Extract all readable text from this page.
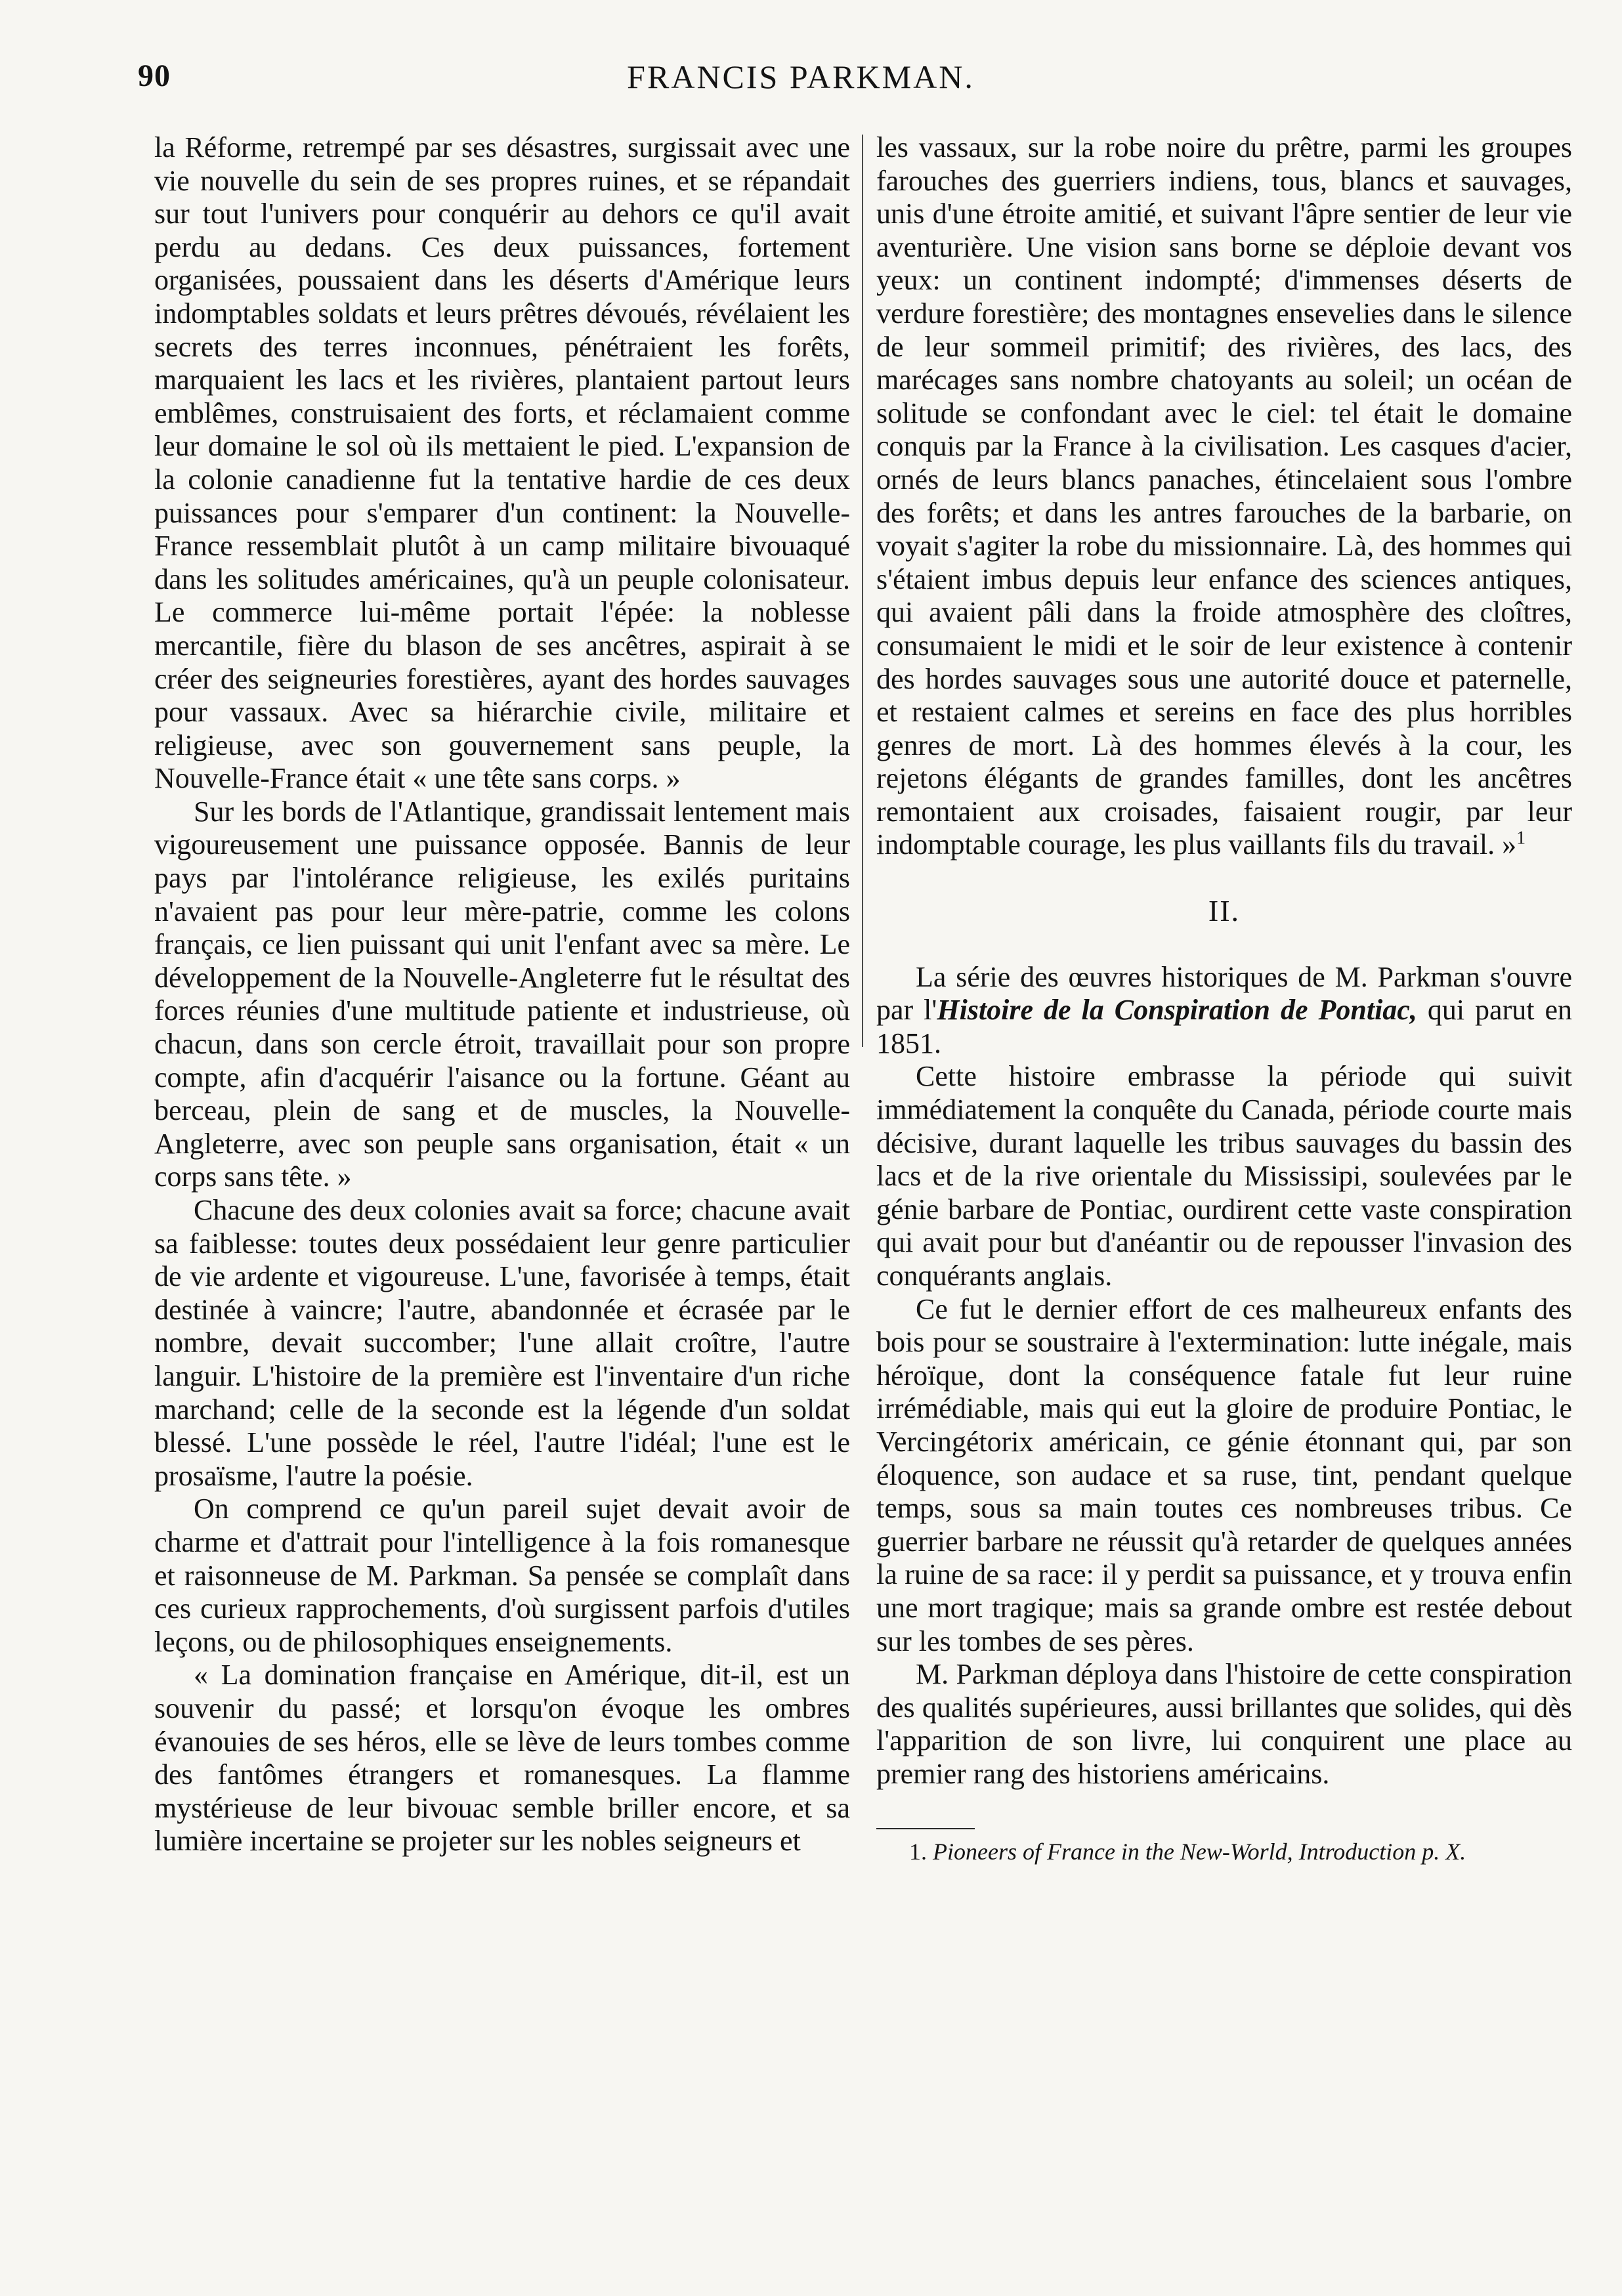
90	FRANCIS PARKMAN.

la Réforme, retrempé par ses désastres, surgissait avec une vie nouvelle du sein de ses propres ruines, et se répandait sur tout l'univers pour conquérir au dehors ce qu'il avait perdu au dedans. Ces deux puissances, fortement organisées, poussaient dans les déserts d'Amérique leurs indomptables soldats et leurs prêtres dévoués, révélaient les secrets des terres inconnues, pénétraient les forêts, marquaient les lacs et les rivières, plantaient partout leurs emblêmes, construisaient des forts, et réclamaient comme leur domaine le sol où ils mettaient le pied. L'expansion de la colonie canadienne fut la tentative hardie de ces deux puissances pour s'emparer d'un continent: la Nouvelle-France ressemblait plutôt à un camp militaire bivouaqué dans les solitudes américaines, qu'à un peuple colonisateur. Le commerce lui-même portait l'épée: la noblesse mercantile, fière du blason de ses ancêtres, aspirait à se créer des seigneuries forestières, ayant des hordes sauvages pour vassaux. Avec sa hiérarchie civile, militaire et religieuse, avec son gouvernement sans peuple, la Nouvelle-France était « une tête sans corps. »

Sur les bords de l'Atlantique, grandissait lentement mais vigoureusement une puissance opposée. Bannis de leur pays par l'intolérance religieuse, les exilés puritains n'avaient pas pour leur mère-patrie, comme les colons français, ce lien puissant qui unit l'enfant avec sa mère. Le développement de la Nouvelle-Angleterre fut le résultat des forces réunies d'une multitude patiente et industrieuse, où chacun, dans son cercle étroit, travaillait pour son propre compte, afin d'acquérir l'aisance ou la fortune. Géant au berceau, plein de sang et de muscles, la Nouvelle-Angleterre, avec son peuple sans organisation, était « un corps sans tête. »

Chacune des deux colonies avait sa force; chacune avait sa faiblesse: toutes deux possédaient leur genre particulier de vie ardente et vigoureuse. L'une, favorisée à temps, était destinée à vaincre; l'autre, abandonnée et écrasée par le nombre, devait succomber; l'une allait croître, l'autre languir. L'histoire de la première est l'inventaire d'un riche marchand; celle de la seconde est la légende d'un soldat blessé. L'une possède le réel, l'autre l'idéal; l'une est le prosaïsme, l'autre la poésie.

On comprend ce qu'un pareil sujet devait avoir de charme et d'attrait pour l'intelligence à la fois romanesque et raisonneuse de M. Parkman. Sa pensée se complaît dans ces curieux rapprochements, d'où surgissent parfois d'utiles leçons, ou de philosophiques enseignements.

« La domination française en Amérique, dit-il, est un souvenir du passé; et lorsqu'on évoque les ombres évanouies de ses héros, elle se lève de leurs tombes comme des fantômes étrangers et romanesques. La flamme mystérieuse de leur bivouac semble briller encore, et sa lumière incertaine se projeter sur les nobles seigneurs et

les vassaux, sur la robe noire du prêtre, parmi les groupes farouches des guerriers indiens, tous, blancs et sauvages, unis d'une étroite amitié, et suivant l'âpre sentier de leur vie aventurière. Une vision sans borne se déploie devant vos yeux: un continent indompté; d'immenses déserts de verdure forestière; des montagnes ensevelies dans le silence de leur sommeil primitif; des rivières, des lacs, des marécages sans nombre chatoyants au soleil; un océan de solitude se confondant avec le ciel: tel était le domaine conquis par la France à la civilisation. Les casques d'acier, ornés de leurs blancs panaches, étincelaient sous l'ombre des forêts; et dans les antres farouches de la barbarie, on voyait s'agiter la robe du missionnaire. Là, des hommes qui s'étaient imbus depuis leur enfance des sciences antiques, qui avaient pâli dans la froide atmosphère des cloîtres, consumaient le midi et le soir de leur existence à contenir des hordes sauvages sous une autorité douce et paternelle, et restaient calmes et sereins en face des plus horribles genres de mort. Là des hommes élevés à la cour, les rejetons élégants de grandes familles, dont les ancêtres remontaient aux croisades, faisaient rougir, par leur indomptable courage, les plus vaillants fils du travail. »$^1$

II.

La série des œuvres historiques de M. Parkman s'ouvre par l'Histoire de la Conspiration de Pontiac, qui parut en 1851.

Cette histoire embrasse la période qui suivit immédiatement la conquête du Canada, période courte mais décisive, durant laquelle les tribus sauvages du bassin des lacs et de la rive orientale du Mississipi, soulevées par le génie barbare de Pontiac, ourdirent cette vaste conspiration qui avait pour but d'anéantir ou de repousser l'invasion des conquérants anglais.

Ce fut le dernier effort de ces malheureux enfants des bois pour se soustraire à l'extermination: lutte inégale, mais héroïque, dont la conséquence fatale fut leur ruine irrémédiable, mais qui eut la gloire de produire Pontiac, le Vercingétorix américain, ce génie étonnant qui, par son éloquence, son audace et sa ruse, tint, pendant quelque temps, sous sa main toutes ces nombreuses tribus. Ce guerrier barbare ne réussit qu'à retarder de quelques années la ruine de sa race: il y perdit sa puissance, et y trouva enfin une mort tragique; mais sa grande ombre est restée debout sur les tombes de ses pères.

M. Parkman déploya dans l'histoire de cette conspiration des qualités supérieures, aussi brillantes que solides, qui dès l'apparition de son livre, lui conquirent une place au premier rang des historiens américains.

1. Pioneers of France in the New-World, Introduction p. X.
